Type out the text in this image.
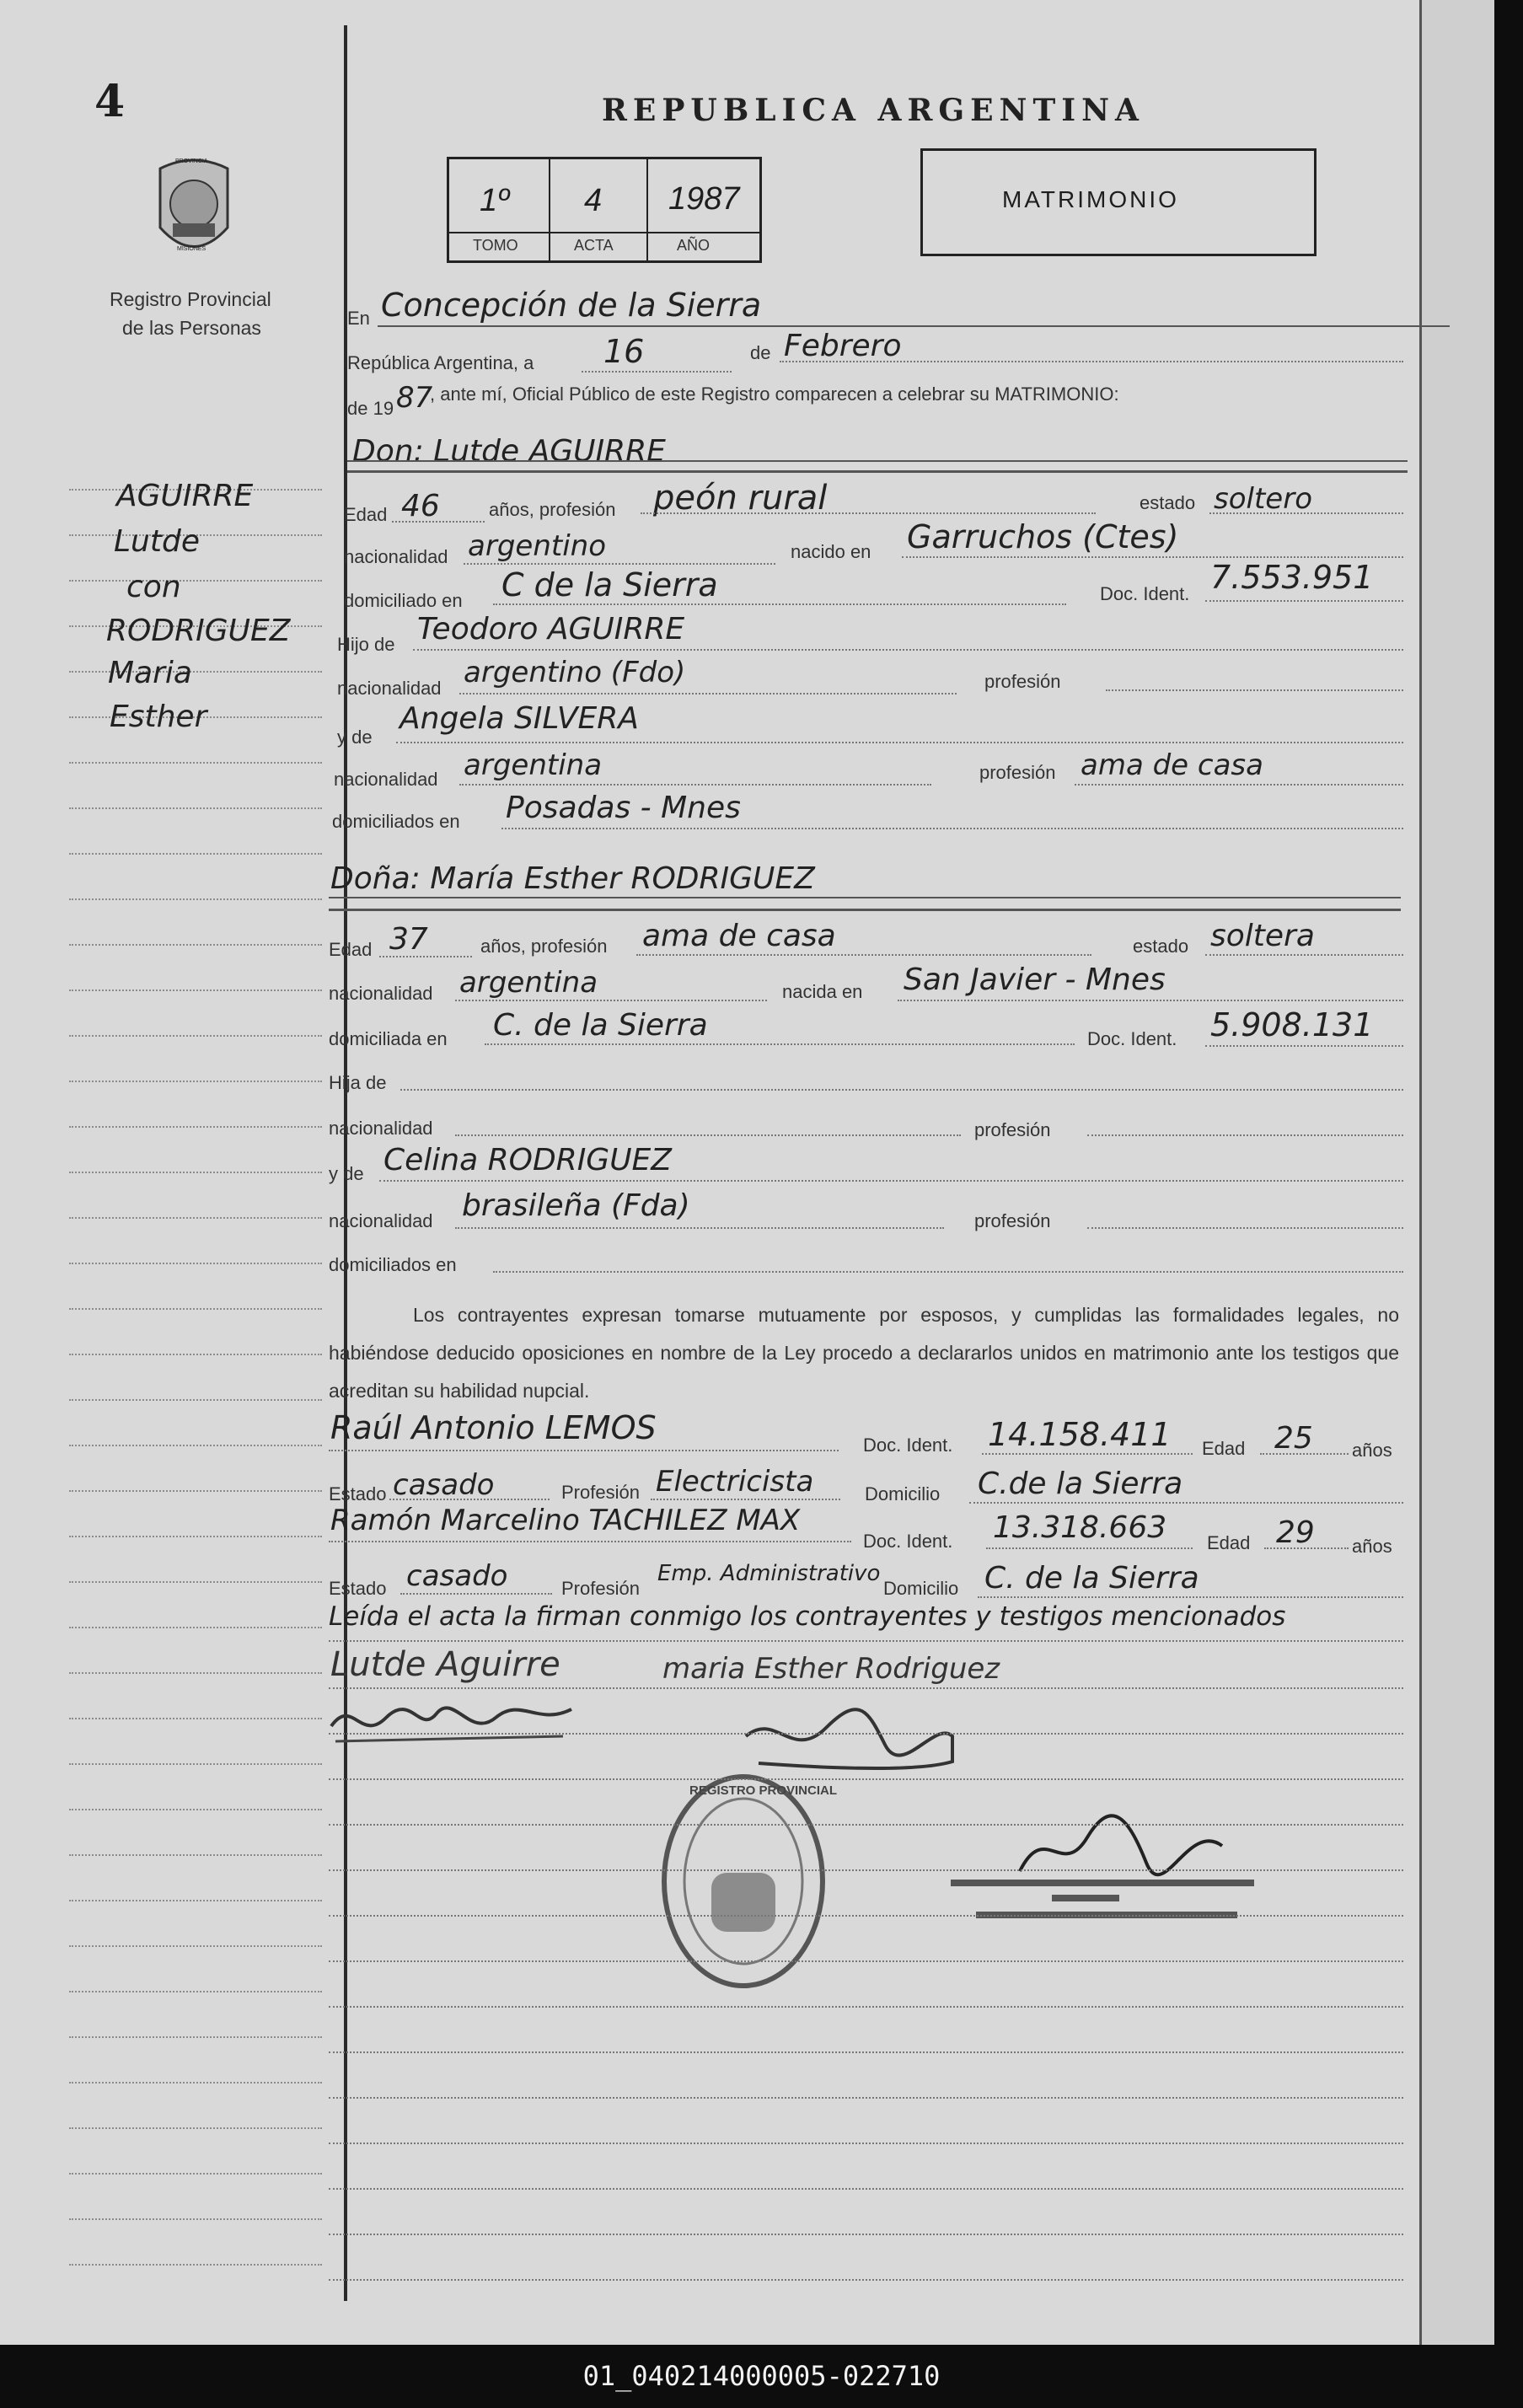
4
PROVINCIA
MISIONES
Registro Provincial
de las Personas
REPUBLICA ARGENTINA
1º 4 1987
TOMO	ACTA	AÑO
MATRIMONIO
AGUIRRE
Lutde
con
RODRIGUEZ
Maria
Esther
En Concepción de la Sierra
República Argentina, a 16	de Febrero
de 19 87
, ante mí, Oficial Público de este Registro comparecen a celebrar su MATRIMONIO:
Don: Lutde AGUIRRE
Edad 46	años, profesión peón rural	estado soltero
nacionalidad argentino	nacido en Garruchos (Ctes)
domiciliado en C de la Sierra	Doc. Ident. 7.553.951
Hijo de Teodoro AGUIRRE
nacionalidad argentino (Fdo)	profesión
y de
Angela SILVERA
nacionalidad argentina	profesión ama de casa
domiciliados en Posadas - Mnes
Doña: María Esther RODRIGUEZ
Edad 37	años, profesión ama de casa	estado soltera
nacionalidad argentina	nacida en San Javier - Mnes
domiciliada en C. de la Sierra	Doc. Ident. 5.908.131
Hija de
nacionalidad	profesión
y de Celina RODRIGUEZ
nacionalidad brasileña (Fda)	profesión
domiciliados en
Los contrayentes expresan tomarse mutuamente por esposos, y cumplidas las formalidades legales, no habiéndose deducido oposiciones en nombre de la Ley procedo a declararlos unidos en matrimonio ante los testigos que acreditan su habilidad nupcial.
Raúl Antonio LEMOS	Doc. Ident. 14.158.411 Edad 25 años
Estado casado	Profesión Electricista	Domicilio C.de la Sierra
Ramón Marcelino TACHILEZ MAX
Doc. Ident. 13.318.663 Edad 29 años
Estado casado	Profesión
Emp. Administrativo
Domicilio C. de la Sierra
Leída el acta la firman conmigo los contrayentes y testigos mencionados
Lutde Aguirre	maria Esther Rodriguez
REGISTRO PROVINCIAL
01_040214000005-022710
